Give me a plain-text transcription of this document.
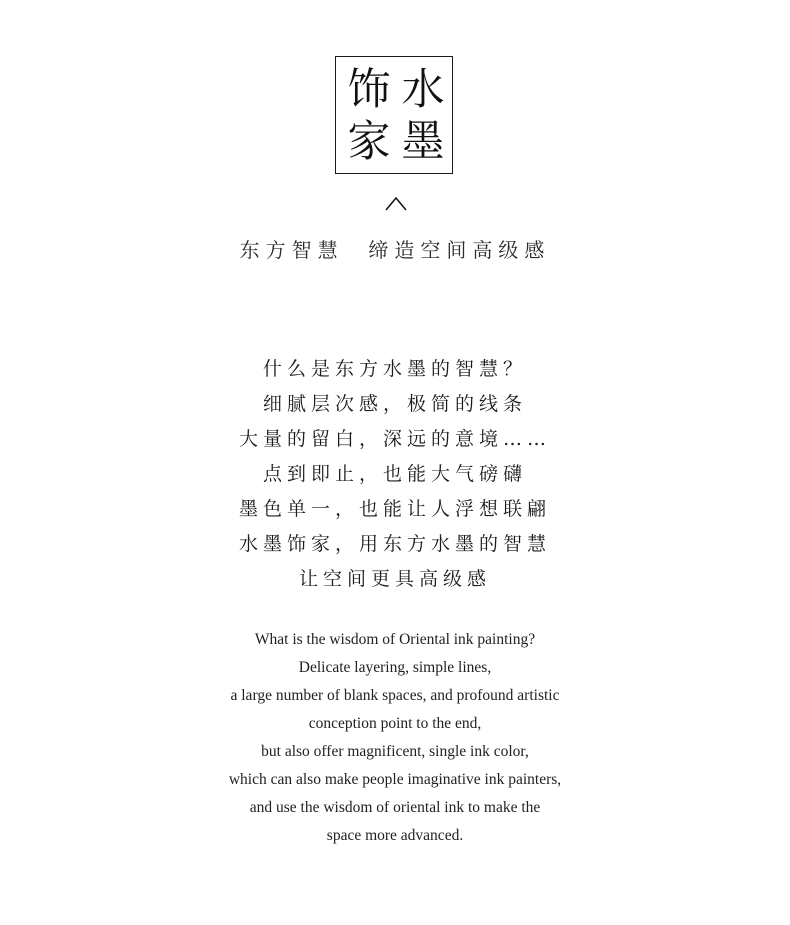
饰 水
家 墨
东方智慧  缔造空间高级感
什么是东方水墨的智慧？
细腻层次感，极简的线条
大量的留白，深远的意境……
点到即止，也能大气磅礴
墨色单一，也能让人浮想联翩
水墨饰家，用东方水墨的智慧
让空间更具高级感
What is the wisdom of Oriental ink painting?
Delicate layering, simple lines,
a large number of blank spaces, and profound artistic
conception point to the end,
but also offer magnificent, single ink color,
which can also make people imaginative ink painters,
and use the wisdom of oriental ink to make the
space more advanced.
